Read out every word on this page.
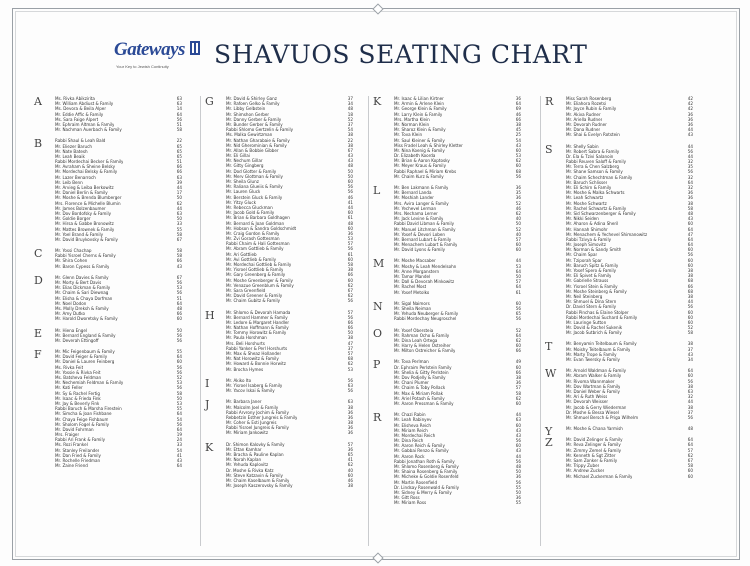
Gateways
Your Key to Jewish Continuity SHAVUOS SEATING CHART
A	Ms. Rivka Abikzirita	63
Mr. William Abdiust & Family	63
Ms. Devora & Beila Alper	14
Mr. Eddie Affic & Family	64
Ms. Sara Faige Alpert	56
Mr. Ephraim Altman & Family	51
Mr. Nachman Auerbach & Family	58
B	Rabbi Shaul & Leah Bald	22
Mr. Eliezer Baruch	65
Mr. Nate Batesh	65
Mr. Leah Beaik	65
Rabbi Mordechai Becker & Family	51
Mr. Avraham & Sheine Belsky	66
Mr. Mordechai Belsky & Family	66
Mr. Lazer Benarroch	63
Mr. Leib Benn	39
Mr. Arvieg & Leiba Berkowitz	44
Mr. Daniel Berlin & Family	17
Mr. Moshe & Brenda Blumberger	50
Mrs. Florence & Michelle Blumin	62
Mr. James Bolzenbaumer	44
Mr. Dov Bordofsky & Family	63
Mr. Goldie Borger	50
Mr. Hirsa & Gabbe Bronowitz	33
Mr. Mattes Brownek & Family	55
Mr. Yoel Brand & Family	58
Mr. David Bruykovsky & Family	67
C	Mr. Yossi Chachap	58
Rabbi Yisroel Cherns & Family	58
Mr. Shira Cohen	66
Mr. Baron Cypess & Family	43
D	Mr. Glenn Davies & Family	67
Mr. Morty & Bert Davis	56
Mr. Elias Dickman & Family	53
Mr. Chaim & Sari Diewnag	56
Mr. Elisha & Chaya Dorfman	51
Mr. Noel Dodon	64
Ms. Molly Dreksh & Family	48
Mr. Amy Dutko	66
Mr. Harold Dworetsky & Family	60
E	Mr. Hiena Engel	50
Mr. Bernard England & Family	56
Mr. Deverah Ettingoff	56
F	Mr. Mic Feigenbaum & Family	55
Mr. David Feiger & Family	64
Mr. Daniel & Lauren Feinberg	60
Ms. Rivka Feit	56
Mr. Yossie & Rivka Feit	56
Ms. Batsheva Feldman	52
Mr. Nechemiah Feldman & Family	53
Mr. Kati Feller	56
Mr. Sy & Rachel Fertig	58
Mr. Isaac & Frieda Fink	50
Mr. Jay & Beverly Fink	53
Rabbi Baruch & Marsha Firestein	55
Mr. Simcha & Joan Fishbane	64
Mr. Chaya Feige Fishbaum	54
Mr. Sholom Fogel & Family	56
Mr. David Fohrman	64
Mrs. Fraiger	19
Rabbi Ari Frank & Family	24
Ms. Rozi Frankel	33
Mr. Stanley Freilander	54
Mr. Dan Fried & Family	41
Mr. Rochelle Friedman	43
Mr. Zaine Friend	64
G	Mr. David & Shirley Ganz	37
Mr. Rafoen Gelko & Family	34
Mr. Libby Gelbstein	48
Mr. Shimshon Gerber	18
Mr. Danny Gerber & Family	52
Mr. Bunder Gerber & Family	37
Rabbi Shlomo Gertzelin & Family	54
Ms. Malka Gewirtzman	38
Mr. Nathan Gharabaie & Family	22
Mr. Nid Gherominian & Family	38
Mr. Allan & Bobbie Gibber	67
Mr. Eli Gillai	43
Mr. Nechum Gillar	43
Mr. Gitty Gingberg	48
Mr. Dod Glotter & Family	50
Mr. Merv Glottman & Family	50
Mr. Sheila Glunz	60
Mr. Raliana Glueiis & Family	56
Mr. Lauren Gluck	56
Mr. Berstein Gluck & Family	46
Mr. Yitzy Gluck	41
Mr. Rebecca Gluckman	44
Mr. Jacob Gold & Family	60
Mr. Brian & Barbara Goldhagen	61
Mr. Bernard & Joan Goldman	48
Mr. Hobson & Sandra Goldschmidt	60
Mr. Craig Gordon & Family	36
Mr. Zvi Gorash Gottesman	53
Rabbi Chaim & Hali Gottesman	57
Mr. Abram Gottlieb & Family	56
Mr. Ari Gottlieb	61
Mr. Avi Gottlieb & Family	60
Mr. Mordechai Gottlieb & Family	58
Mr. Yisroel Gottlieb & Family	38
Mr. Gary Greenberg & Family	66
Mr. Moshe Greenberger & Family	60
Mr. Venazue Greenblum & Family	62
Mr. Sara Greenfield	67
Mr. David Greener & Family	62
Mr. Chaim Gubitz & Family	56
H	Mr. Shlomo & Devorah Hamada	57
Mr. Bernard Hammer & Family	56
Mr. Ledore & Margaret Handler	66
Mr. Nathan Hoffmann & Family	66
Mr. Tommy Horowitz & Family	50
Mr. Paula Horshman	38
Mrs. Beli Horshurts	47
Rabbi Yanker & Perl Horshurts	37
Mr. Max & Sheaz Hollander	57
Mr. Nat Horowitz & Family	68
Mr. Howard & Bonnie Horwitz	62
Mr. Brocha Hymes	53
I	Mr. Akiko Ito	56
Mr. Yisroel Isaberg & Family	63
Mr. Yacov Iskai & Family	56
J	Mr. Barbara Janer	63
Mr. Malcolm Joel & Family	38
Rabbi Arvrony Jochim & Family	36
Rebbetzin Esther Jungreis & Family	36
Mr. Coher & Esti Jungreis	38
Rabbi Yisroel Jungreis & Family	36
Mr. Miriam Jankowitz	36
K	Dr. Shimon Kalovky & Family	57
Mr. Ettan Kamhar	36
Mr. Bracha & Pauline Kaplan	65
Mr. Norah Kaplan	41
Mr. Yehuda Kaplovitz	62
Dr. Moshe & Rivka Katz	40
Mr. Steve Katzavin & Family	60
Mr. Chaim Kaselbaum & Family	46
Mr. Joseph Kaszerovsky & Family	38
K	Mr. Isaac & Lilian Kirtner	36
Mr. Armin & Arlene Klein	64
Mr. George Klein & Family	69
Mr. Larry Klein & Family	46
Mrs. Martha Klein	66
Mr. Norman Klein	38
Mr. Sharoz Klein & Family	45
Mr. Tova Klein	25
Mr. Saul Kleiner & Family	54
Miss Fradel Leah & Shirley Kletter	43
Mr. Nina Koenig & Family	60
Dr. Elizabeth Koorda	53
Mr. Brian & Aaron Koptosky	62
Mr. Meyer Kraus & Family	60
Rabbi Raphael & Miriam Krebs	68
Mr. Chaim Kurz & Family	56
L	Mr. Ben Lakmann & Family	36
Mr. Bernard Landa	35
Mr. Moshiah Lander	36
Mrs. Avira Langer & Family	52
Mr. Yechevel Lerman	46
Mrs. Nechama Lerner	62
Mr. Jack Levine & Family	40
Rabbi David Libman & Family	50
Mr. Manuel Litchman & Family	52
Mr. Yosef & Devori Loben	40
Mr. Bernard Lubart & Family	57
Mr. Menachem Lubart & Family	60
Mr. David Lyons & Family	60
M Mr. Moshe Macsaber	44
Mr. Moshy & Leah Mendelsohn	53
Mr. Anne Morganstern	64
Mr. Tamar Mandel	50
Mr. Dall & Devorah Minkowitz	57
Mr. Rachel Most	64
Mr. Yosef Metolko	61
N	Mr. Sigal Naimors	60
Mr. Sheila Neiman	56
Mr. Yehuda Neuberger & Family	65
Rabbi Mordechay Neugroschel	56
O	Mr. Yosef Obersteia	52
Mr. Rahman Ocho & Family	64
Mr. Dina Leah Ortega	62
Mr. Harry & Helen Ostreiher	60
Mr. Milton Ostreicher & Family	66
P	Mr. Tova Perlman	49
Dr. Ephraim Perlstein Family	60
Mr. Shelia & Gitty Perlstein	66
Mr. Dov Podjelly & Family	38
Mr. Chani Plumer	36
Mr. Chaim & Toby Pollack	57
Mr. Max & Miriam Pollak	58
Mr. Ariel Potash & Family	62
Mr. Aaron Pressman & Family	60
R	Mr. Chazi Rabin	44
Mr. Leah Rabinyev	63
Mr. Elisheva Reich	60
Mr. Miriam Reich	43
Mr. Mordechai Reich	43
Mr. Dina Reich	56
Mr. Aaron Reich & Family	60
Mr. Gabbai Renzo & Family	43
Mr. Aaron Rock	44
Rabbi Jonathan Roth & Family	56
Mr. Shlomo Rosenberg & Family	48
Mr. Shaina Rosenberg & Family	50
Mr. Micheke & Goldie Rosenfeld	36
Mr. Martin Rosenfield	56
Dr. Lindsay Rosenwald & Family	55
Mr. Sidney & Merry & Family	50
Mr. Gitt Ross	36
Mr. Miriam Ross	55
R	Miss Sarah Rosenberg	42
Mr. Eliahora Rozetsi	42
Mr. Joyce Rubin & Family	42
Mr. Akiva Rudner	36
Mr. Ariella Rudner	36
Mr. Devorah Rudner	36
Mr. Dana Rudner	44
Mr. Shai & Evelyn Rotstein	43
S	Mr. Shelly Sabin	44
Mr. Robert Sabra & Family	56
Dr. Ela & Tzivi Salanoin	44
Rabbi Reuven Saloff & Family	32
Mr. Terra & Chen Salzberg	35
Mr. Shane Samson & Family	56
Mr. Chaim Schechtman & Family	32
Mr. Baruch Schlisser	64
Mr. Eli Schirn & Family	32
Mr. Moshe & Malka Schwarts	36
Mr. Leah Schwartz	36
Mr. Moshe Schwartz	38
Mr. Rachel Schwartz & Family	58
Mr. Sid Schwarzenberger & Family	48
Mr. Nikki Seiden	43
Mr. Aharon & Adina Sheril	60
Mr. Hannah Shimohr	64
Mr. Menachem & Yechevel Shimanowitz	47
Rabbi Tzivya & Family	64
Mr. Joseph Simovitz	64
Mr. Norman & Sandy Smith	60
Mr. Chaim Spar	56
Mr. Tziporah Spar	60
Mr. Baruch Spitz & Family	60
Mr. Yosef Spero & Family	38
Mr. Eli Spivet & Family	38
Mr. Gabrielle Strauss	68
Mr. Yisroel Stein & Family	66
Mr. Moshe Steinberg & Family	68
Mr. Neil Steinberg	38
Mr. Shmuel & Dina Stern	44
Dr. David Stern & Family	56
Rabbi Pinchas & Elaine Stolper	60
Rabbi Mordechai Suchard & Family	60
Mr. Lauringe Sutton	60
Mr. Dovid & Rachel Sukenik	52
Mr. Jacob Sutbrich & Family	58
T	Mr. Benyamin Teitelbaum & Family	38
Mr. Moishy Teitelbaum & Family	37
Mr. Marty Trope & Family	43
Mr. Evan Twersky & Family	34
W Mr. Arnold Waldman & Family	64
Mr. Abram Walker & Family	60
Mr. Rivoma Wannmaker	56
Mr. Dov Wartman & Family	38
Mr. Daniel Weber & Family	63
Mr. Ari & Ruth Weiss	32
Mr. Devorah Weisser	44
Mr. Jacob & Gerry Wiederman	38
Dr. Moshe & Bessa Wiesel	37
Mr. Shmuel Bersch & Priga Wilhelm	56
Y	Mr. Moshe & Chana Yarmish	48
Z	Mr. David Zelinger & Family	64
Mr. Reva Zelinger & Family	64
Mr. Zimmy Zemel & Family	57
Mr. Kenneth & Sgt Zitter	62
Mr. Sam Zonker & Family	67
Mr. Trippy Zuber	58
Mr. Andrew Zucker	60
Mr. Michael Zuckerman & Family	60
